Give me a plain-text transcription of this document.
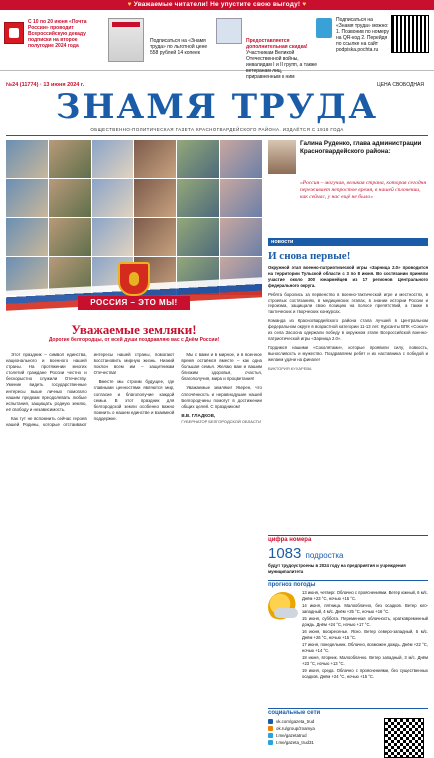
♥ Уважаемые читатели! Не упустите свою выгоду! ♥
С 10 по 20 июня «Почта России» проводит Всероссийскую декаду подписки на второе полугодие 2024 года
Подписаться на «Знамя труда» по льготной цене 558 рублей 14 копеек
Предоставляется дополнительная скидка!
Участникам Великой Отечественной войны, инвалидам I и II групп, а также ветеранам лиц, приравненным к ним
Подписаться на «Знамя труда» можно: 1. Позвонив по номеру на QR-код 2. Перейдя по ссылке на сайт podpiska.pochta.ru
№24 (11774) · 13 июня 2024 г.	ЦЕНА СВОБОДНАЯ
ЗНАМЯ ТРУДА
ОБЩЕСТВЕННО-ПОЛИТИЧЕСКАЯ ГАЗЕТА КРАСНОГВАРДЕЙСКОГО РАЙОНА. ИЗДАЁТСЯ С 1918 ГОДА
РОССИЯ – ЭТО МЫ!
Уважаемые земляки!
Дорогие белгородцы, от всей души поздравляю вас с Днём России!

Этот праздник – символ единства, национального и военного нашей страны. На протяжении многих столетий граждане России честно и бескорыстно служили Отечеству. Умение видеть государственные интересы выше личных помогало нашим предкам преодолевать любые испытания, защищать родную землю, её свободу и независимость.

Как тут не вспомнить сейчас героев нашей Родины, которые отстаивают интересы нашей страны, помогают восстановить мирную жизнь. Низкий поклон всем им – защитникам Отечества!

Вместе мы строим будущее, где главными ценностями являются мир, согласие и благополучие каждой семьи. В этот праздник для белгородской земли особенно важно помнить о нашем единстве и взаимной поддержке.

Мы с вами и в мирное, и в военное время остаёмся вместе – как одна большая семья. Желаю вам и вашим близким здоровья, счастья, благополучия, мира и процветания!

Уважаемые земляки! Уверен, что сплочённость и неравнодушие нашей Белгородчины помогут в достижении общих целей. С праздником!

В.В. ГЛАДКОВ,
ГУБЕРНАТОР БЕЛГОРОДСКОЙ ОБЛАСТИ
Галина Руденко, глава администрации Красногвардейского района:
«Россия – могучая, великая страна, которая сегодня переживает непростое время, в нашей сплочении, как сейчас, у нас ещё не было»
новости
И снова первые!

Окружной этап военно-патриотической игры «Зарница 2.0» проводится на территории Тульской области с 3 по 8 июня. Во состязании приняли участие около 300 юнармейцев из 17 регионов Центрального федерального округа.

Ребята боролись за первенство в военно-тактической игре и местностях, в строевых состязаниях, в медицинских этапах, в знании истории России и героизма, защищали свою позицию на полосе препятствий, а также в тактических и творческих конкурсах.

Команда из Красногвардейского района стала лучшей в Центральном федеральном округе в возрастной категории 11-13 лет. Курсанты ВПК «Сокол» из села Засосна одержали победу в окружном этапе Всероссийской военно-патриотической игры «Зарница 2.0».

Гордимся нашими «Соколятами», которые проявили силу, ловкость, выносливость и мужество. Поздравляем ребят и их наставника с победой и желаем удачи на финале!

ВИКТОРИЯ КУХАРЕВА
цифра номера
1083 подростка
будут трудоустроены в 2024 году на предприятия и учреждения муниципалитета
прогноз погоды

13 июня, четверг. Облачно с прояснениями. Ветер южный, 6 м/с. Днём +23 °С, ночью +15 °С.

14 июня, пятница. Малооблачно, без осадков. Ветер юго-западный, 4 м/с. Днём +25 °С, ночью +16 °С.

15 июня, суббота. Переменная облачность, кратковременный дождь. Днём +24 °С, ночью +17 °С.

16 июня, воскресенье. Ясно. Ветер северо-западный, 5 м/с. Днём +26 °С, ночью +15 °С.

17 июня, понедельник. Облачно, возможен дождь. Днём +22 °С, ночью +14 °С.

18 июня, вторник. Малооблачно. Ветер западный, 3 м/с. Днём +23 °С, ночью +13 °С.

19 июня, среда. Облачно с прояснениями, без существенных осадков. Днём +24 °С, ночью +15 °С.

социальные сети
vk.com/gazeta_trud
ok.ru/group/znamya
t.me/gazetatrud
t.me/gazeta_trud31
